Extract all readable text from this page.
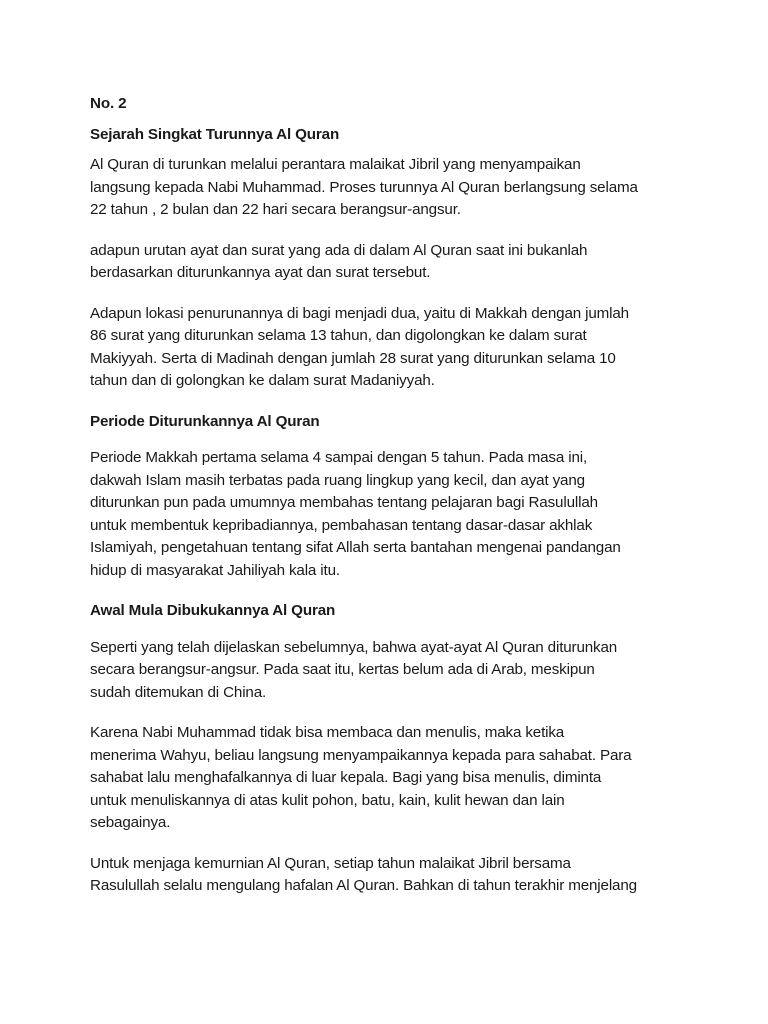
No. 2
Sejarah Singkat Turunnya Al Quran
Al Quran di turunkan melalui perantara malaikat Jibril yang menyampaikan
langsung kepada Nabi Muhammad. Proses turunnya Al Quran berlangsung selama
22 tahun , 2 bulan dan 22 hari secara berangsur-angsur.
adapun urutan ayat dan surat yang ada di dalam Al Quran saat ini bukanlah
berdasarkan diturunkannya ayat dan surat tersebut.
Adapun lokasi penurunannya di bagi menjadi dua, yaitu di Makkah dengan jumlah
86 surat yang diturunkan selama 13 tahun, dan digolongkan ke dalam surat
Makiyyah. Serta di Madinah dengan jumlah 28 surat yang diturunkan selama 10
tahun dan di golongkan ke dalam surat Madaniyyah.
Periode Diturunkannya Al Quran
Periode Makkah pertama selama 4 sampai dengan 5 tahun. Pada masa ini,
dakwah Islam masih terbatas pada ruang lingkup yang kecil, dan ayat yang
diturunkan pun pada umumnya membahas tentang pelajaran bagi Rasulullah
untuk membentuk kepribadiannya, pembahasan tentang dasar-dasar akhlak
Islamiyah, pengetahuan tentang sifat Allah serta bantahan mengenai pandangan
hidup di masyarakat Jahiliyah kala itu.
Awal Mula Dibukukannya Al Quran
Seperti yang telah dijelaskan sebelumnya, bahwa ayat-ayat Al Quran diturunkan
secara berangsur-angsur. Pada saat itu, kertas belum ada di Arab, meskipun
sudah ditemukan di China.
Karena Nabi Muhammad tidak bisa membaca dan menulis, maka ketika
menerima Wahyu, beliau langsung menyampaikannya kepada para sahabat. Para
sahabat lalu menghafalkannya di luar kepala. Bagi yang bisa menulis, diminta
untuk menuliskannya di atas kulit pohon, batu, kain, kulit hewan dan lain
sebagainya.
Untuk menjaga kemurnian Al Quran, setiap tahun malaikat Jibril bersama
Rasulullah selalu mengulang hafalan Al Quran. Bahkan di tahun terakhir menjelang
